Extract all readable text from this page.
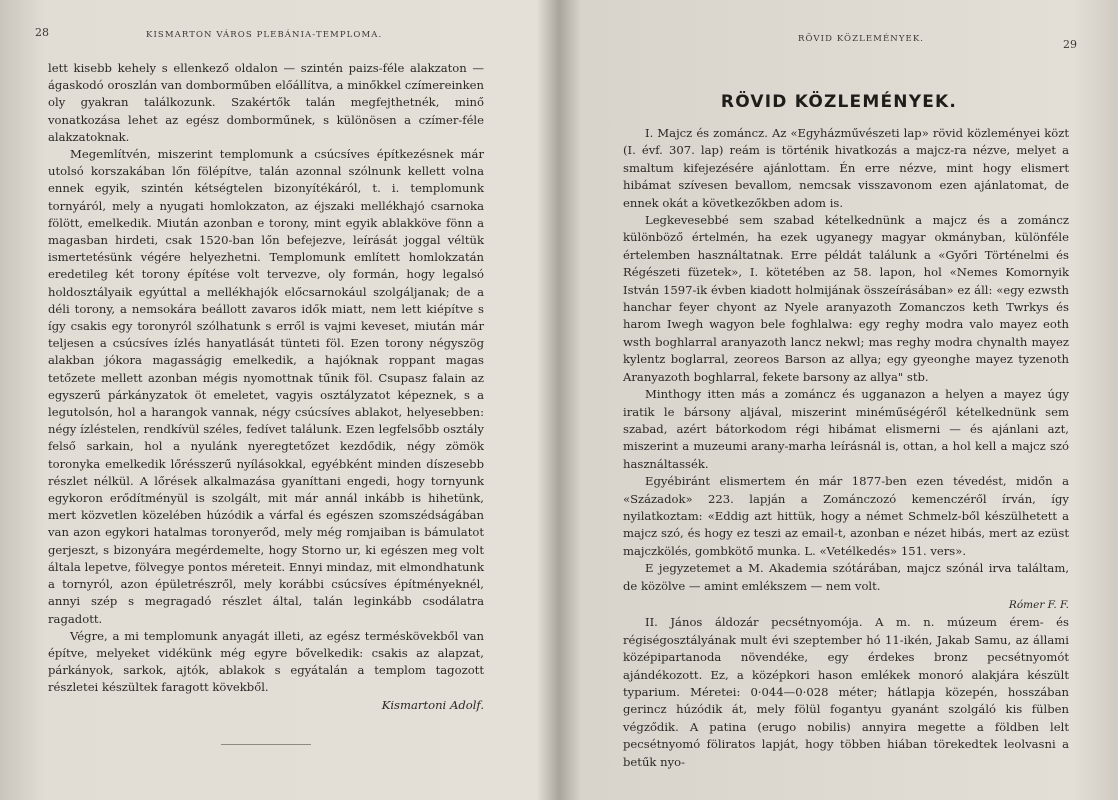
28	KISMARTON VÁROS PLEBÁNIA-TEMPLOMA.

lett kisebb kehely s ellenkező oldalon — szintén paizs-féle alakzaton — ágaskodó oroszlán van domborműben előállítva, a minőkkel czímereinken oly gyakran találkozunk. Szakértők talán megfejthetnék, minő vonatkozása lehet az egész domborműnek, s különösen a czímer-féle alakzatoknak.

Megemlítvén, miszerint templomunk a csúcsíves építkezésnek már utolsó korszakában lőn fölépítve, talán azonnal szólnunk kellett volna ennek egyik, szintén kétségtelen bizonyítékáról, t. i. templomunk tornyáról, mely a nyugati homlokzaton, az éjszaki mellékhajó csarnoka fölött, emelkedik. Miután azonban e torony, mint egyik ablakköve fönn a magasban hirdeti, csak 1520-ban lőn befejezve, leírását joggal véltük ismertetésünk végére helyezhetni. Templomunk említett homlokzatán eredetileg két torony építése volt tervezve, oly formán, hogy legalsó holdosztályaik egyúttal a mellékhajók előcsarnokául szolgáljanak; de a déli torony, a nemsokára beállott zavaros idők miatt, nem lett kiépítve s így csakis egy toronyról szólhatunk s erről is vajmi keveset, miután már teljesen a csúcsíves ízlés hanyatlását tünteti föl. Ezen torony négyszög alakban jókora magasságig emelkedik, a hajóknak roppant magas tetőzete mellett azonban mégis nyomottnak tűnik föl. Csupasz falain az egyszerű párkányzatok öt emeletet, vagyis osztályzatot képeznek, s a legutolsón, hol a harangok vannak, négy csúcsíves ablakot, helyesebben: négy ízléstelen, rendkívül széles, fedívet találunk. Ezen legfelsőbb osztály felső sarkain, hol a nyulánk nyeregtetőzet kezdődik, négy zömök toronyka emelkedik lőrésszerű nyílásokkal, egyébként minden díszesebb részlet nélkül. A lőrések alkalmazása gyaníttani engedi, hogy tornyunk egykoron erődítményül is szolgált, mit már annál inkább is hihetünk, mert közvetlen közelében húzódik a várfal és egészen szomszédságában van azon egykori hatalmas toronyerőd, mely még romjaiban is bámulatot gerjeszt, s bizonyára megérdemelte, hogy Storno ur, ki egészen meg volt általa lepetve, fölvegye pontos méreteit. Ennyi mindaz, mit elmondhatunk a tornyról, azon épületrészről, mely korábbi csúcsíves építményeknél, annyi szép s megragadó részlet által, talán leginkább csodálatra ragadott.

Végre, a mi templomunk anyagát illeti, az egész terméskövekből van építve, melyeket vidékünk még egyre bővelkedik: csakis az alapzat, párkányok, sarkok, ajtók, ablakok s egyátalán a templom tagozott részletei készültek faragott kövekből.

Kismartoni Adolf.

RÖVID KÖZLEMÉNYEK.	29
RÖVID KÖZLEMÉNYEK.

I. Majcz és zománcz. Az «Egyházművészeti lap» rövid közleményei közt (I. évf. 307. lap) reám is történik hivatkozás a majcz-ra nézve, melyet a smaltum kifejezésére ajánlottam. Én erre nézve, mint hogy elismert hibámat szívesen bevallom, nemcsak visszavonom ezen ajánlatomat, de ennek okát a következőkben adom is.

Legkevesebbé sem szabad kételkednünk a majcz és a zománcz különböző értelmén, ha ezek ugyanegy magyar okmányban, különféle értelemben használtatnak. Erre példát találunk a «Győri Történelmi és Régészeti füzetek», I. kötetében az 58. lapon, hol «Nemes Komornyik István 1597-ik évben kiadott holmijának összeírásában» ez áll: «egy ezwsth hanchar feyer chyont az Nyele aranyazoth Zomanczos keth Twrkys és harom Iwegh wagyon bele foghlalwa: egy reghy modra valo mayez eoth wsth boghlarral aranyazoth lancz nekwl; mas reghy modra chynalth mayez kylentz boglarral, zeoreos Barson az allya; egy gyeonghe mayez tyzenoth Aranyazoth boghlarral, fekete barsony az allya" stb.

Minthogy itten más a zománcz és ugganazon a helyen a mayez úgy iratik le bársony aljával, miszerint minéműségéről kételkednünk sem szabad, azért bátorkodom régi hibámat elismerni — és ajánlani azt, miszerint a muzeumi arany-marha leírásnál is, ottan, a hol kell a majcz szó használtassék.

Egyébiránt elismertem én már 1877-ben ezen tévedést, midőn a «Századok» 223. lapján a Zománczozó kemenczéről írván, így nyilatkoztam: «Eddig azt hittük, hogy a német Schmelz-ből készülhetett a majcz szó, és hogy ez teszi az email-t, azonban e nézet hibás, mert az ezüst majczkölés, gombkötő munka. L. «Vetélkedés» 151. vers».

E jegyzetemet a M. Akademia szótárában, majcz szónál irva találtam, de közölve — amint emlékszem — nem volt.

Rómer F. F.

II. János áldozár pecsétnyomója. A m. n. múzeum érem- és régiségosztályának mult évi szeptember hó 11-ikén, Jakab Samu, az állami középipartanoda növendéke, egy érdekes bronz pecsétnyomót ajándékozott. Ez, a középkori hason emlékek monoró alakjára készült typarium. Méretei: 0·044—0·028 méter; hátlapja közepén, hosszában gerincz húzódik át, mely fölül fogantyu gyanánt szolgáló kis fülben végződik. A patina (erugo nobilis) annyira megette a földben lelt pecsétnyomó föliratos lapját, hogy többen hiában törekedtek leolvasni a betűk nyo-
